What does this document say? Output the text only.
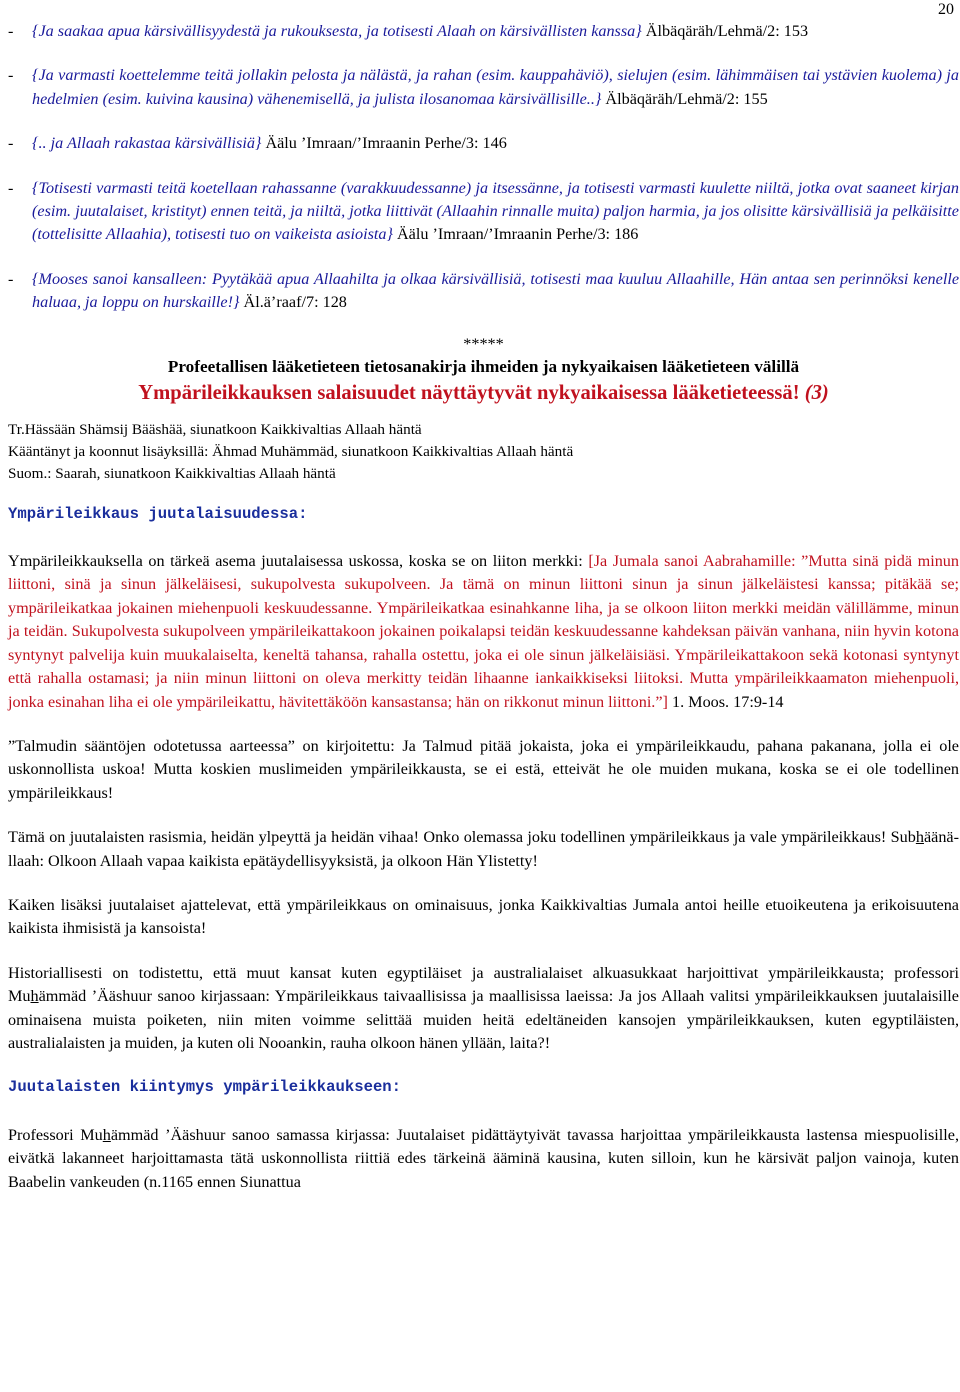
20

- {Ja saakaa apua kärsivällisyydestä ja rukouksesta, ja totisesti Alaah on kärsivällisten kanssa} Älbäqäräh/Lehmä/2: 153

- {Ja varmasti koettelemme teitä jollakin pelosta ja nälästä, ja rahan (esim. kauppahäviö), sielujen (esim. lähimmäisen tai ystävien kuolema) ja hedelmien (esim. kuivina kausina) vähenemisellä, ja julista ilosanomaa kärsivällisille..} Älbäqäräh/Lehmä/2: 155

- {.. ja Allaah rakastaa kärsivällisiä} Äälu ’Imraan/’Imraanin Perhe/3: 146

- {Totisesti varmasti teitä koetellaan rahassanne (varakkuudessanne) ja itsessänne, ja totisesti varmasti kuulette niiltä, jotka ovat saaneet kirjan (esim. juutalaiset, kristityt) ennen teitä, ja niiltä, jotka liittivät (Allaahin rinnalle muita) paljon harmia, ja jos olisitte kärsivällisiä ja pelkäisitte (tottelisitte Allaahia), totisesti tuo on vaikeista asioista} Äälu ’Imraan/’Imraanin Perhe/3: 186

- {Mooses sanoi kansalleen: Pyytäkää apua Allaahilta ja olkaa kärsivällisiä, totisesti maa kuuluu Allaahille, Hän antaa sen perinnöksi kenelle haluaa, ja loppu on hurskaille!} Äl.ä’raaf/7: 128

*****

Profeetallisen lääketieteen tietosanakirja ihmeiden ja nykyaikaisen lääketieteen välillä
Ympärileikkauksen salaisuudet näyttäytyvät nykyaikaisessa lääketieteessä! (3)
Tr.Hässään Shämsij Bääshää, siunatkoon Kaikkivaltias Allaah häntä
Kääntänyt ja koonnut lisäyksillä: Ähmad Muhämmäd, siunatkoon Kaikkivaltias Allaah häntä
Suom.: Saarah, siunatkoon Kaikkivaltias Allaah häntä
Ympärileikkaus juutalaisuudessa:

Ympärileikkauksella on tärkeä asema juutalaisessa uskossa, koska se on liiton merkki: [Ja Jumala sanoi Aabrahamille: ”Mutta sinä pidä minun liittoni, sinä ja sinun jälkeläisesi, sukupolvesta sukupolveen. Ja tämä on minun liittoni sinun ja sinun jälkeläistesi kanssa; pitäkää se; ympärileikatkaa jokainen miehenpuoli keskuudessanne. Ympärileikatkaa esinahkanne liha, ja se olkoon liiton merkki meidän välillämme, minun ja teidän. Sukupolvesta sukupolveen ympärileikattakoon jokainen poikalapsi teidän keskuudessanne kahdeksan päivän vanhana, niin hyvin kotona syntynyt palvelija kuin muukalaiselta, keneltä tahansa, rahalla ostettu, joka ei ole sinun jälkeläisiäsi. Ympärileikattakoon sekä kotonasi syntynyt että rahalla ostamasi; ja niin minun liittoni on oleva merkitty teidän lihaanne iankaikkiseksi liitoksi. Mutta ympärileikkaamaton miehenpuoli, jonka esinahan liha ei ole ympärileikattu, hävitettäköön kansastansa; hän on rikkonut minun liittoni.”] 1. Moos. 17:9-14

”Talmudin sääntöjen odotetussa aarteessa” on kirjoitettu: Ja Talmud pitää jokaista, joka ei ympärileikkaudu, pahana pakanana, jolla ei ole uskonnollista uskoa! Mutta koskien muslimeiden ympärileikkausta, se ei estä, etteivät he ole muiden mukana, koska se ei ole todellinen ympärileikkaus!

Tämä on juutalaisten rasismia, heidän ylpeyttä ja heidän vihaa! Onko olemassa joku todellinen ympärileikkaus ja vale ympärileikkaus! Subhäänä-llaah: Olkoon Allaah vapaa kaikista epätäydellisyyksistä, ja olkoon Hän Ylistetty!

Kaiken lisäksi juutalaiset ajattelevat, että ympärileikkaus on ominaisuus, jonka Kaikkivaltias Jumala antoi heille etuoikeutena ja erikoisuutena kaikista ihmisistä ja kansoista!

Historiallisesti on todistettu, että muut kansat kuten egyptiläiset ja australialaiset alkuasukkaat harjoittivat ympärileikkausta; professori Muhämmäd ’Ääshuur sanoo kirjassaan: Ympärileikkaus taivaallisissa ja maallisissa laeissa: Ja jos Allaah valitsi ympärileikkauksen juutalaisille ominaisena muista poiketen, niin miten voimme selittää muiden heitä edeltäneiden kansojen ympärileikkauksen, kuten egyptiläisten, australialaisten ja muiden, ja kuten oli Nooankin, rauha olkoon hänen yllään, laita?!

Juutalaisten kiintymys ympärileikkaukseen:

Professori Muhämmäd ’Ääshuur sanoo samassa kirjassa: Juutalaiset pidättäytyivät tavassa harjoittaa ympärileikkausta lastensa miespuolisille, eivätkä lakanneet harjoittamasta tätä uskonnollista riittiä edes tärkeinä ääminä kausina, kuten silloin, kun he kärsivät paljon vainoja, kuten Baabelin vankeuden (n.1165 ennen Siunattua
